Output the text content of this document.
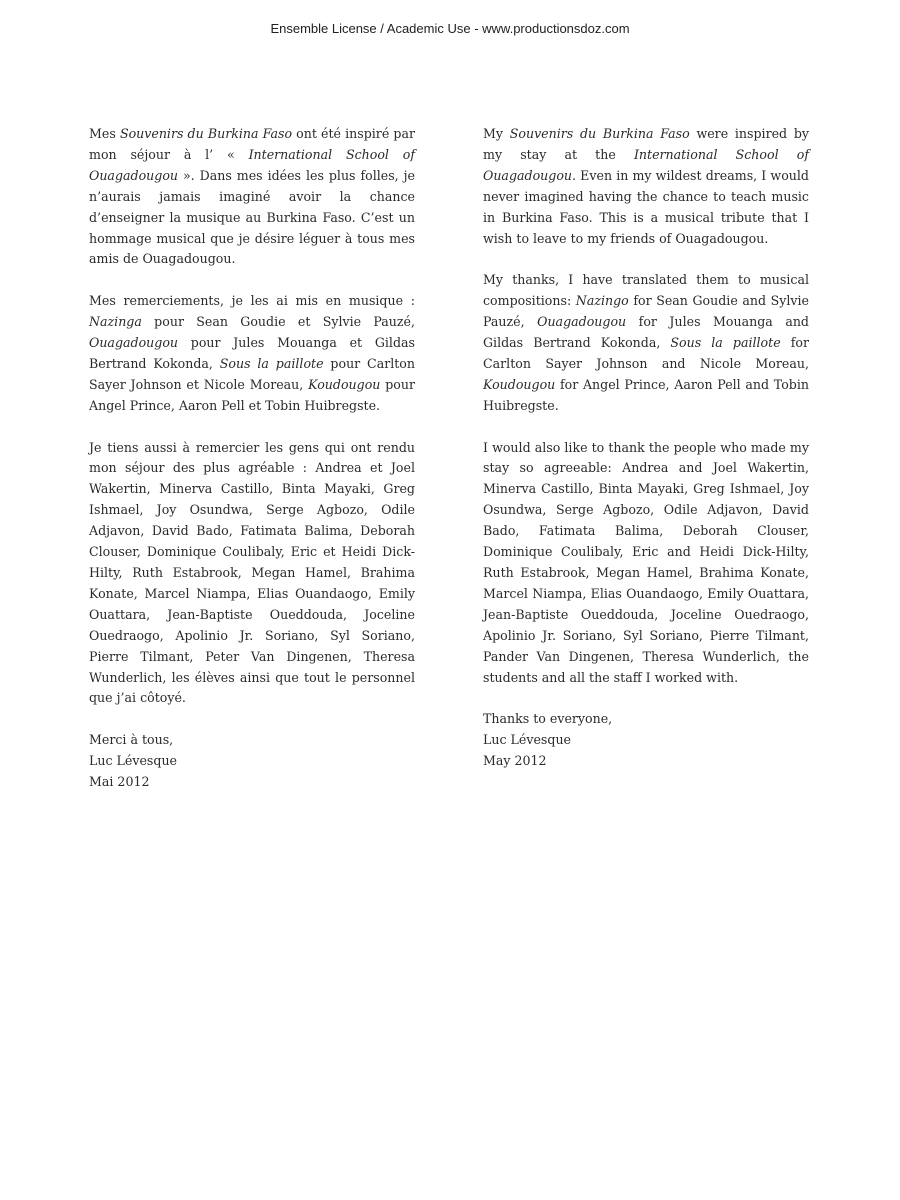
Ensemble License / Academic Use - www.productionsdoz.com

Mes Souvenirs du Burkina Faso ont été inspiré par mon séjour à l’ « International School of Ouagadougou ». Dans mes idées les plus folles, je n’aurais jamais imaginé avoir la chance d’enseigner la musique au Burkina Faso. C’est un hommage musical que je désire léguer à tous mes amis de Ouagadougou.

Mes remerciements, je les ai mis en musique : Nazinga pour Sean Goudie et Sylvie Pauzé, Ouagadougou pour Jules Mouanga et Gildas Bertrand Kokonda, Sous la paillote pour Carlton Sayer Johnson et Nicole Moreau, Koudougou pour Angel Prince, Aaron Pell et Tobin Huibregste.

Je tiens aussi à remercier les gens qui ont rendu mon séjour des plus agréable : Andrea et Joel Wakertin, Minerva Castillo, Binta Mayaki, Greg Ishmael, Joy Osundwa, Serge Agbozo, Odile Adjavon, David Bado, Fatimata Balima, Deborah Clouser, Dominique Coulibaly, Eric et Heidi Dick-Hilty, Ruth Estabrook, Megan Hamel, Brahima Konate, Marcel Niampa, Elias Ouandaogo, Emily Ouattara, Jean-Baptiste Oueddouda, Joceline Ouedraogo, Apolinio Jr. Soriano, Syl Soriano, Pierre Tilmant, Peter Van Dingenen, Theresa Wunderlich, les élèves ainsi que tout le personnel que j’ai côtoyé.

Merci à tous,
Luc Lévesque
Mai 2012

My Souvenirs du Burkina Faso were inspired by my stay at the International School of Ouagadougou. Even in my wildest dreams, I would never imagined having the chance to teach music in Burkina Faso. This is a musical tribute that I wish to leave to my friends of Ouagadougou.

My thanks, I have translated them to musical compositions: Nazingo for Sean Goudie and Sylvie Pauzé, Ouagadougou for Jules Mouanga and Gildas Bertrand Kokonda, Sous la paillote for Carlton Sayer Johnson and Nicole Moreau, Koudougou for Angel Prince, Aaron Pell and Tobin Huibregste.

I would also like to thank the people who made my stay so agreeable: Andrea and Joel Wakertin, Minerva Castillo, Binta Mayaki, Greg Ishmael, Joy Osundwa, Serge Agbozo, Odile Adjavon, David Bado, Fatimata Balima, Deborah Clouser, Dominique Coulibaly, Eric and Heidi Dick-Hilty, Ruth Estabrook, Megan Hamel, Brahima Konate, Marcel Niampa, Elias Ouandaogo, Emily Ouattara, Jean-Baptiste Oueddouda, Joceline Ouedraogo, Apolinio Jr. Soriano, Syl Soriano, Pierre Tilmant, Pander Van Dingenen, Theresa Wunderlich, the students and all the staff I worked with.

Thanks to everyone,
Luc Lévesque
May 2012
